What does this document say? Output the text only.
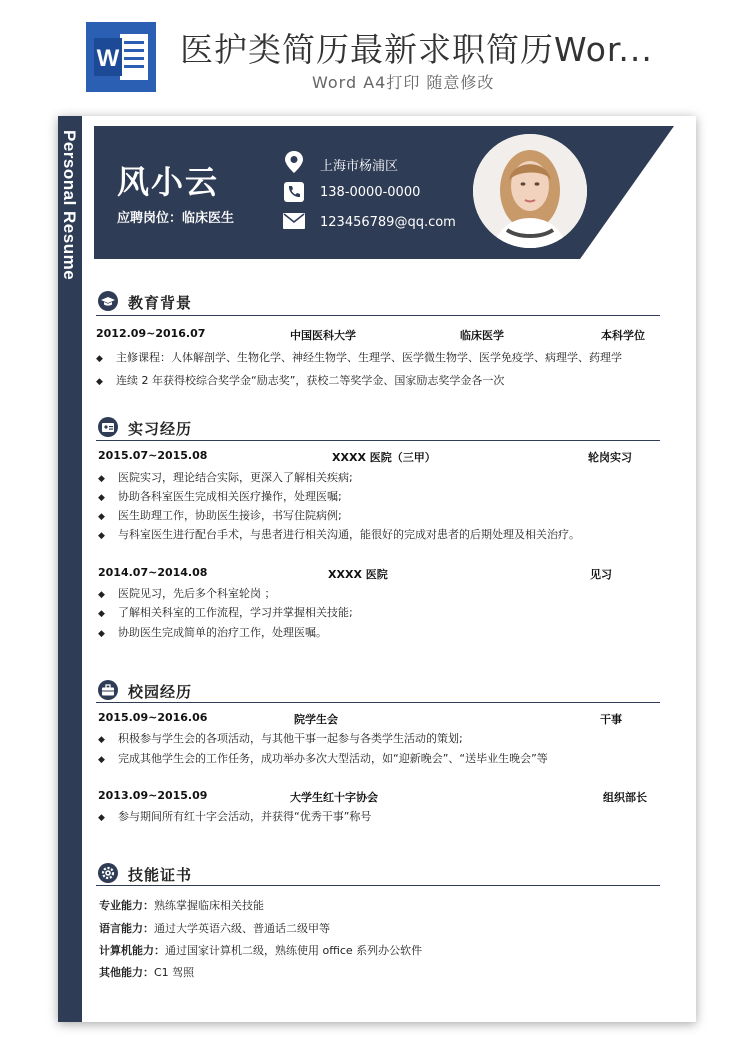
W 医护类简历最新求职简历Wor...
Word A4打印 随意修改
Personal Resume 风小云
应聘岗位：临床医生
上海市杨浦区
138-0000-0000
123456789@qq.com
教育背景
2012.09~2016.07	中国医科大学	临床医学	本科学位
◆ 主修课程：人体解剖学、生物化学、神经生物学、生理学、医学微生物学、医学免疫学、病理学、药理学
◆ 连续 2 年获得校综合奖学金“励志奖”，获校二等奖学金、国家励志奖学金各一次
实习经历
2015.07~2015.08	XXXX 医院（三甲）	轮岗实习
◆ 医院实习，理论结合实际，更深入了解相关疾病;
◆ 协助各科室医生完成相关医疗操作，处理医嘱;
◆ 医生助理工作，协助医生接诊，书写住院病例;
◆ 与科室医生进行配台手术，与患者进行相关沟通，能很好的完成对患者的后期处理及相关治疗。
2014.07~2014.08	XXXX 医院	见习
◆ 医院见习，先后多个科室轮岗 ；
◆ 了解相关科室的工作流程，学习并掌握相关技能;
◆ 协助医生完成简单的治疗工作，处理医嘱。
校园经历
2015.09~2016.06	院学生会	干事
◆ 积极参与学生会的各项活动，与其他干事一起参与各类学生活动的策划;
◆ 完成其他学生会的工作任务，成功举办多次大型活动，如“迎新晚会”、“送毕业生晚会”等
2013.09~2015.09	大学生红十字协会	组织部长
◆ 参与期间所有红十字会活动，并获得“优秀干事”称号
技能证书
专业能力：熟练掌握临床相关技能
语言能力：通过大学英语六级、普通话二级甲等
计算机能力：通过国家计算机二级，熟练使用 office 系列办公软件
其他能力：C1 驾照
